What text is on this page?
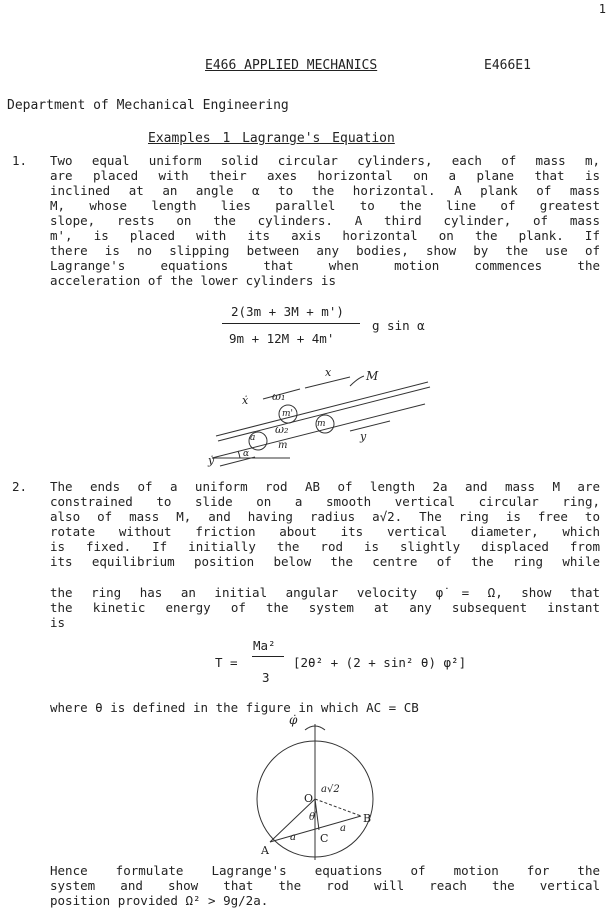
1
E466 APPLIED MECHANICS	E466E1
Department of Mechanical Engineering
Examples 1 Lagrange's Equation
1. Two equal uniform solid circular cylinders, each of mass m,
are placed with their axes horizontal on a plane that is
inclined at an angle α to the horizontal. A plank of mass
M, whose length lies parallel to the line of greatest
slope, rests on the cylinders. A third cylinder, of mass
m', is placed with its axis horizontal on the plank. If
there is no slipping between any bodies, show by the use of
Lagrange's equations that when motion commences the
acceleration of the lower cylinders is
2(3m + 3M + m')
9m + 12M + 4m'
g sin α
M
x
ẋ ω₁
m'
a
ω₂
m
m
y
ẏ	α
2. The ends of a uniform rod AB of length 2a and mass M are
constrained to slide on a smooth vertical circular ring,
also of mass M, and having radius a√2. The ring is free to
rotate without friction about its vertical diameter, which
is fixed. If initially the rod is slightly displaced from
its equilibrium position below the centre of the ring while
the ring has an initial angular velocity φ̇ = Ω, show that
the kinetic energy of the system at any subsequent instant
is
T =
Ma²
3
[2θ̇² + (2 + sin² θ) φ̇²]
where θ is defined in the figure in which AC = CB
φ̇
O
a√2
θ
A
B
C
a
a
Hence formulate Lagrange's equations of motion for the
system and show that the rod will reach the vertical
position provided Ω² > 9g/2a.
